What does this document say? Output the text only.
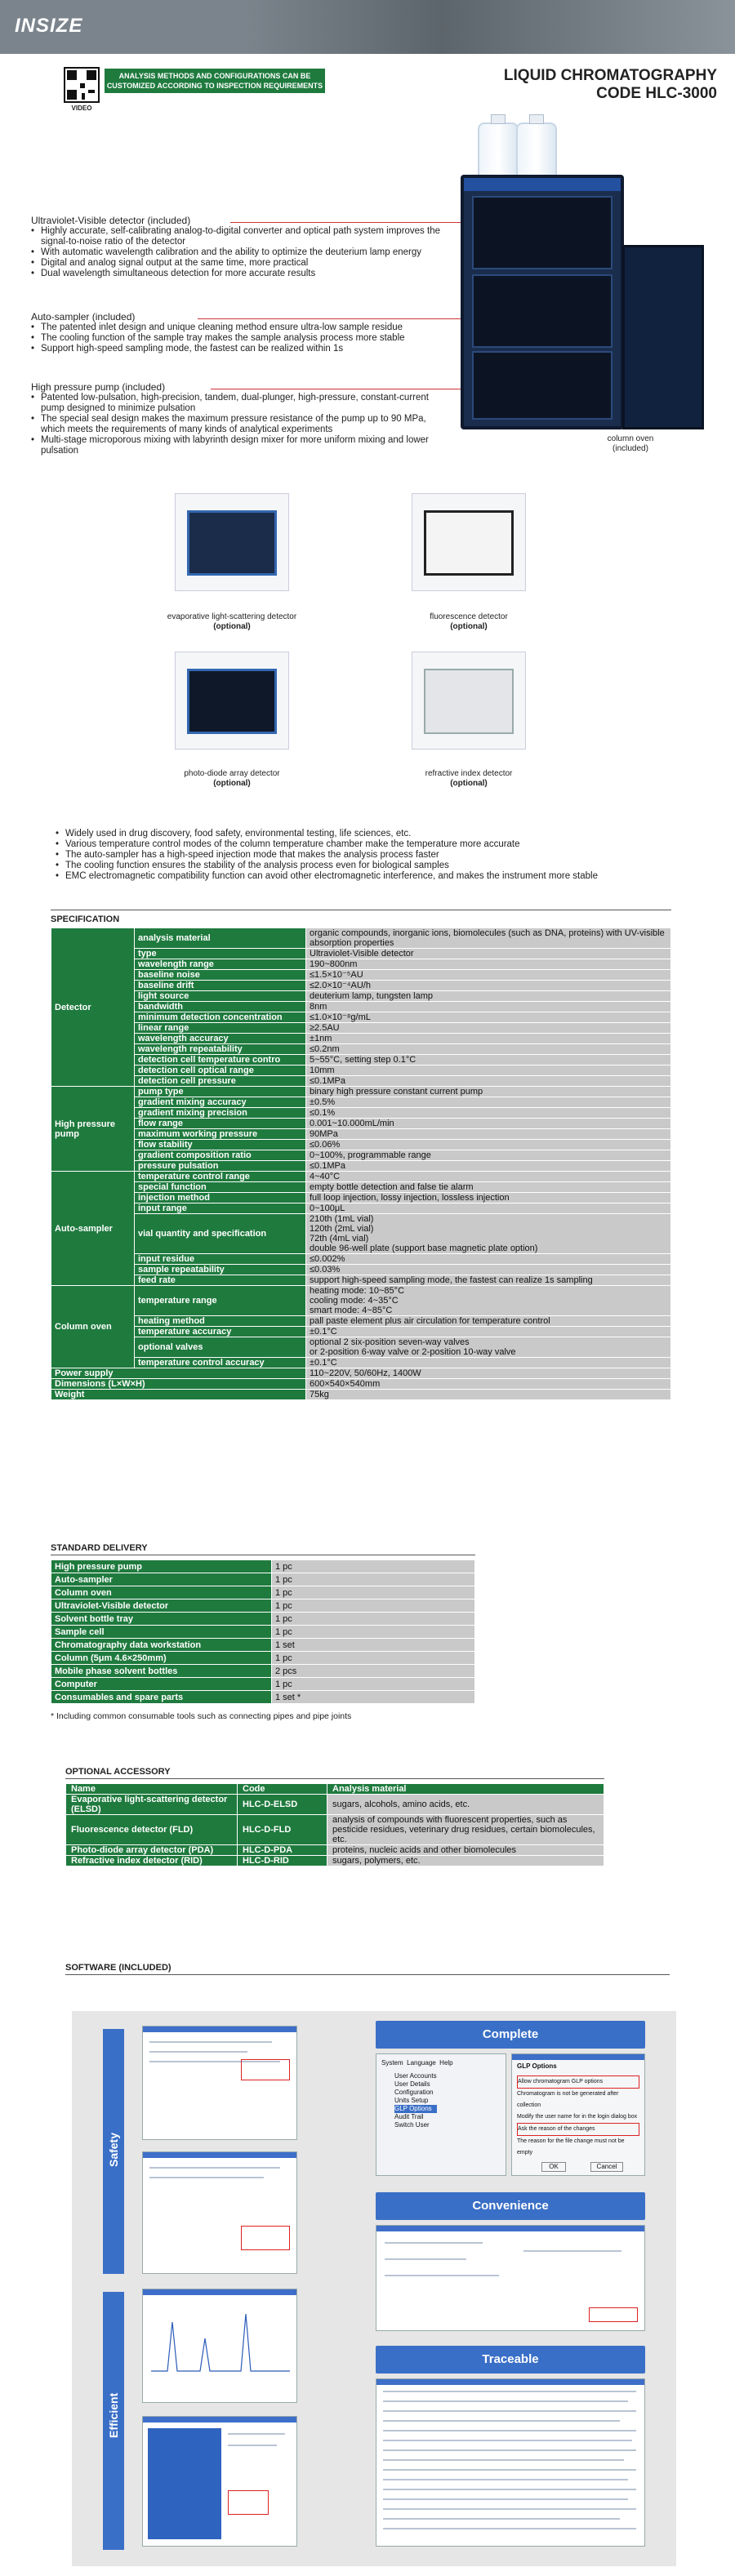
INSIZE
VIDEO
ANALYSIS METHODS AND CONFIGURATIONS CAN BE
CUSTOMIZED ACCORDING TO INSPECTION REQUIREMENTS
LIQUID CHROMATOGRAPHY
CODE HLC-3000
Ultraviolet-Visible detector (included)
• Highly accurate, self-calibrating analog-to-digital converter and optical path system improves the signal-to-noise ratio of the detector
• With automatic wavelength calibration and the ability to optimize the deuterium lamp energy
• Digital and analog signal output at the same time, more practical
• Dual wavelength simultaneous detection for more accurate results
Auto-sampler (included)
• The patented inlet design and unique cleaning method ensure ultra-low sample residue
• The cooling function of the sample tray makes the sample analysis process more stable
• Support high-speed sampling mode, the fastest can be realized within 1s
High pressure pump (included)
• Patented low-pulsation, high-precision, tandem, dual-plunger, high-pressure, constant-current pump designed to minimize pulsation
• The special seal design makes the maximum pressure resistance of the pump up to 90 MPa, which meets the requirements of many kinds of analytical experiments
• Multi-stage microporous mixing with labyrinth design mixer for more uniform mixing and lower pulsation
column oven
(included)
evaporative light-scattering detector
(optional)
fluorescence detector
(optional)
photo-diode array detector
(optional)
refractive index detector
(optional)
• Widely used in drug discovery, food safety, environmental testing, life sciences, etc.
• Various temperature control modes of the column temperature chamber make the temperature more accurate
• The auto-sampler has a high-speed injection mode that makes the analysis process faster
• The cooling function ensures the stability of the analysis process even for biological samples
• EMC electromagnetic compatibility function can avoid other electromagnetic interference, and makes the instrument more stable
SPECIFICATION
Detector	analysis material	organic compounds, inorganic ions, biomolecules (such as DNA, proteins) with UV-visible absorption properties
	type	Ultraviolet-Visible detector
	wavelength range	190~800nm
	baseline noise	≤1.5×10⁻⁵AU
	baseline drift	≤2.0×10⁻⁴AU/h
	light source	deuterium lamp, tungsten lamp
	bandwidth	8nm
	minimum detection concentration	≤1.0×10⁻⁸g/mL
	linear range	≥2.5AU
	wavelength accuracy	±1nm
	wavelength repeatability	≤0.2nm
	detection cell temperature contro	5~55°C, setting step 0.1°C
	detection cell optical range	10mm
	detection cell pressure	≤0.1MPa
High pressure pump	pump type	binary high pressure constant current pump
	gradient mixing accuracy	±0.5%
	gradient mixing precision	≤0.1%
	flow range	0.001~10.000mL/min
	maximum working pressure	90MPa
	flow stability	≤0.06%
	gradient composition ratio	0~100%, programmable range
	pressure pulsation	≤0.1MPa
Auto-sampler	temperature control range	4~40°C
	special function	empty bottle detection and false tie alarm
	injection method	full loop injection, lossy injection, lossless injection
	input range	0~100μL
	vial quantity and specification	210th (1mL vial)
120th (2mL vial)
72th (4mL vial)
double 96-well plate (support base magnetic plate option)
	input residue	≤0.002%
	sample repeatability	≤0.03%
	feed rate	support high-speed sampling mode, the fastest can realize 1s sampling
Column oven	temperature range	heating mode: 10~85°C
cooling mode: 4~35°C
smart mode: 4~85°C
	heating method	pall paste element plus air circulation for temperature control
	temperature accuracy	±0.1°C
	optional valves	optional 2 six-position seven-way valves
or 2-position 6-way valve or 2-position 10-way valve
	temperature control accuracy	±0.1°C
Power supply		110~220V, 50/60Hz, 1400W
Dimensions (L×W×H)		600×540×540mm
Weight		75kg
STANDARD DELIVERY
High pressure pump	1 pc
Auto-sampler	1 pc
Column oven	1 pc
Ultraviolet-Visible detector	1 pc
Solvent bottle tray	1 pc
Sample cell	1 pc
Chromatography data workstation	1 set
Column (5μm 4.6×250mm)	1 pc
Mobile phase solvent bottles	2 pcs
Computer	1 pc
Consumables and spare parts	1 set *
* Including common consumable tools such as connecting pipes and pipe joints
OPTIONAL ACCESSORY
Name	Code	Analysis material
Evaporative light-scattering detector (ELSD)	HLC-D-ELSD	sugars, alcohols, amino acids, etc.
Fluorescence detector (FLD)	HLC-D-FLD	analysis of compounds with fluorescent properties, such as pesticide residues, veterinary drug residues, certain biomolecules, etc.
Photo-diode array detector (PDA)	HLC-D-PDA	proteins, nucleic acids and other biomolecules
Refractive index detector (RID)	HLC-D-RID	sugars, polymers, etc.
SOFTWARE (INCLUDED)
Safety
Efficient
Complete
System Language Help
User Accounts
User Details
Configuration
Units Setup
GLP Options
Audit Trail
Switch User
GLP Options
Allow chromatogram GLP options
Chromatogram is not be generated after collection
Modify the user name for in the login dialog box
Ask the reason of the changes
The reason for the file change must not be empty
OK	Cancel
Convenience
Traceable
